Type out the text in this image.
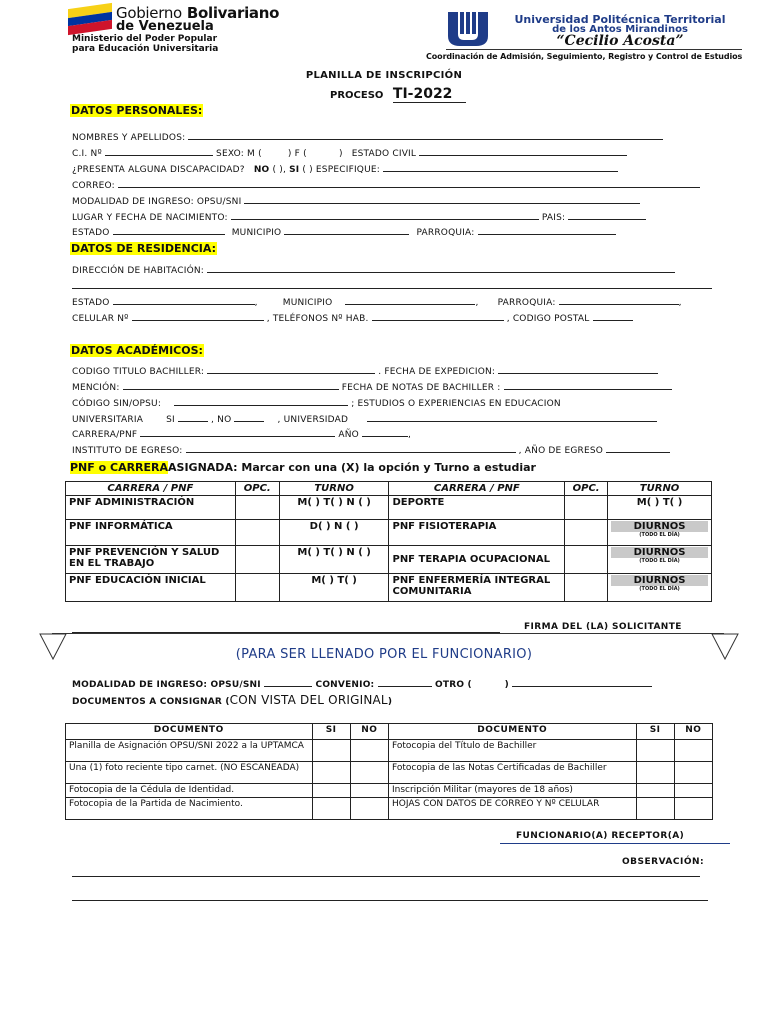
Gobierno Bolivariano
de Venezuela
Ministerio del Poder Popular
para Educación Universitaria
Universidad Politécnica Territorial
de los Antos Mirandinos
“Cecilio Acosta”
Coordinación de Admisión, Seguimiento, Registro y Control de Estudios
PLANILLA DE INSCRIPCIÓN
PROCESO TI-2022
DATOS PERSONALES:
NOMBRES Y APELLIDOS:
C.I. Nº	SEXO: M (	) F (	) ESTADO CIVIL
¿PRESENTA ALGUNA DISCAPACIDAD? NO ( ), SI ( ) ESPECIFIQUE:
CORREO:
MODALIDAD DE INGRESO: OPSU/SNI
LUGAR Y FECHA DE NACIMIENTO:	PAIS:
ESTADO	MUNICIPIO	PARROQUIA:
DATOS DE RESIDENCIA:
DIRECCIÓN DE HABITACIÓN:
ESTADO	, MUNICIPIO	, PARROQUIA:	,
CELULAR Nº	, TELÉFONOS Nº HAB.	, CODIGO POSTAL
DATOS ACADÉMICOS:
CODIGO TITULO BACHILLER:	. FECHA DE EXPEDICION:
MENCIÓN:	FECHA DE NOTAS DE BACHILLER :
CÓDIGO SIN/OPSU:	; ESTUDIOS O EXPERIENCIAS EN EDUCACION
UNIVERSITARIA	SI	, NO	, UNIVERSIDAD
CARRERA/PNF	AÑO	,
INSTITUTO DE EGRESO:	, AÑO DE EGRESO
PNF o CARRERAASIGNADA: Marcar con una (X) la opción y Turno a estudiar
CARRERA / PNF	OPC.	TURNO	CARRERA / PNF	OPC.	TURNO
PNF ADMINISTRACIÓN		M( ) T( ) N ( )	DEPORTE		M( ) T( )
PNF INFORMÁTICA		D( ) N ( )	PNF FISIOTERAPIA		DIURNOS
(TODO EL DÍA)

PNF PREVENCIÓN Y SALUD EN EL TRABAJO		M( ) T( ) N ( )	PNF TERAPIA OCUPACIONAL		DIURNOS
(TODO EL DÍA)

PNF EDUCACIÓN INICIAL		M( ) T( )	PNF ENFERMERÍA INTEGRAL COMUNITARIA		DIURNOS
(TODO EL DÍA)
FIRMA DEL (LA) SOLICITANTE
(PARA SER LLENADO POR EL FUNCIONARIO)
MODALIDAD DE INGRESO: OPSU/SNI	CONVENIO:	OTRO (	)
DOCUMENTOS A CONSIGNAR (CON VISTA DEL ORIGINAL)
DOCUMENTO	SI	NO	DOCUMENTO	SI	NO
Planilla de Asignación OPSU/SNI 2022 a la UPTAMCA			Fotocopia del Título de Bachiller		
Una (1) foto reciente tipo carnet. (NO ESCANEADA)			Fotocopia de las Notas Certificadas de Bachiller		
Fotocopia de la Cédula de Identidad.			Inscripción Militar (mayores de 18 años)		
Fotocopia de la Partida de Nacimiento.			HOJAS CON DATOS DE CORREO Y Nº CELULAR		
FUNCIONARIO(A) RECEPTOR(A)
OBSERVACIÓN:
